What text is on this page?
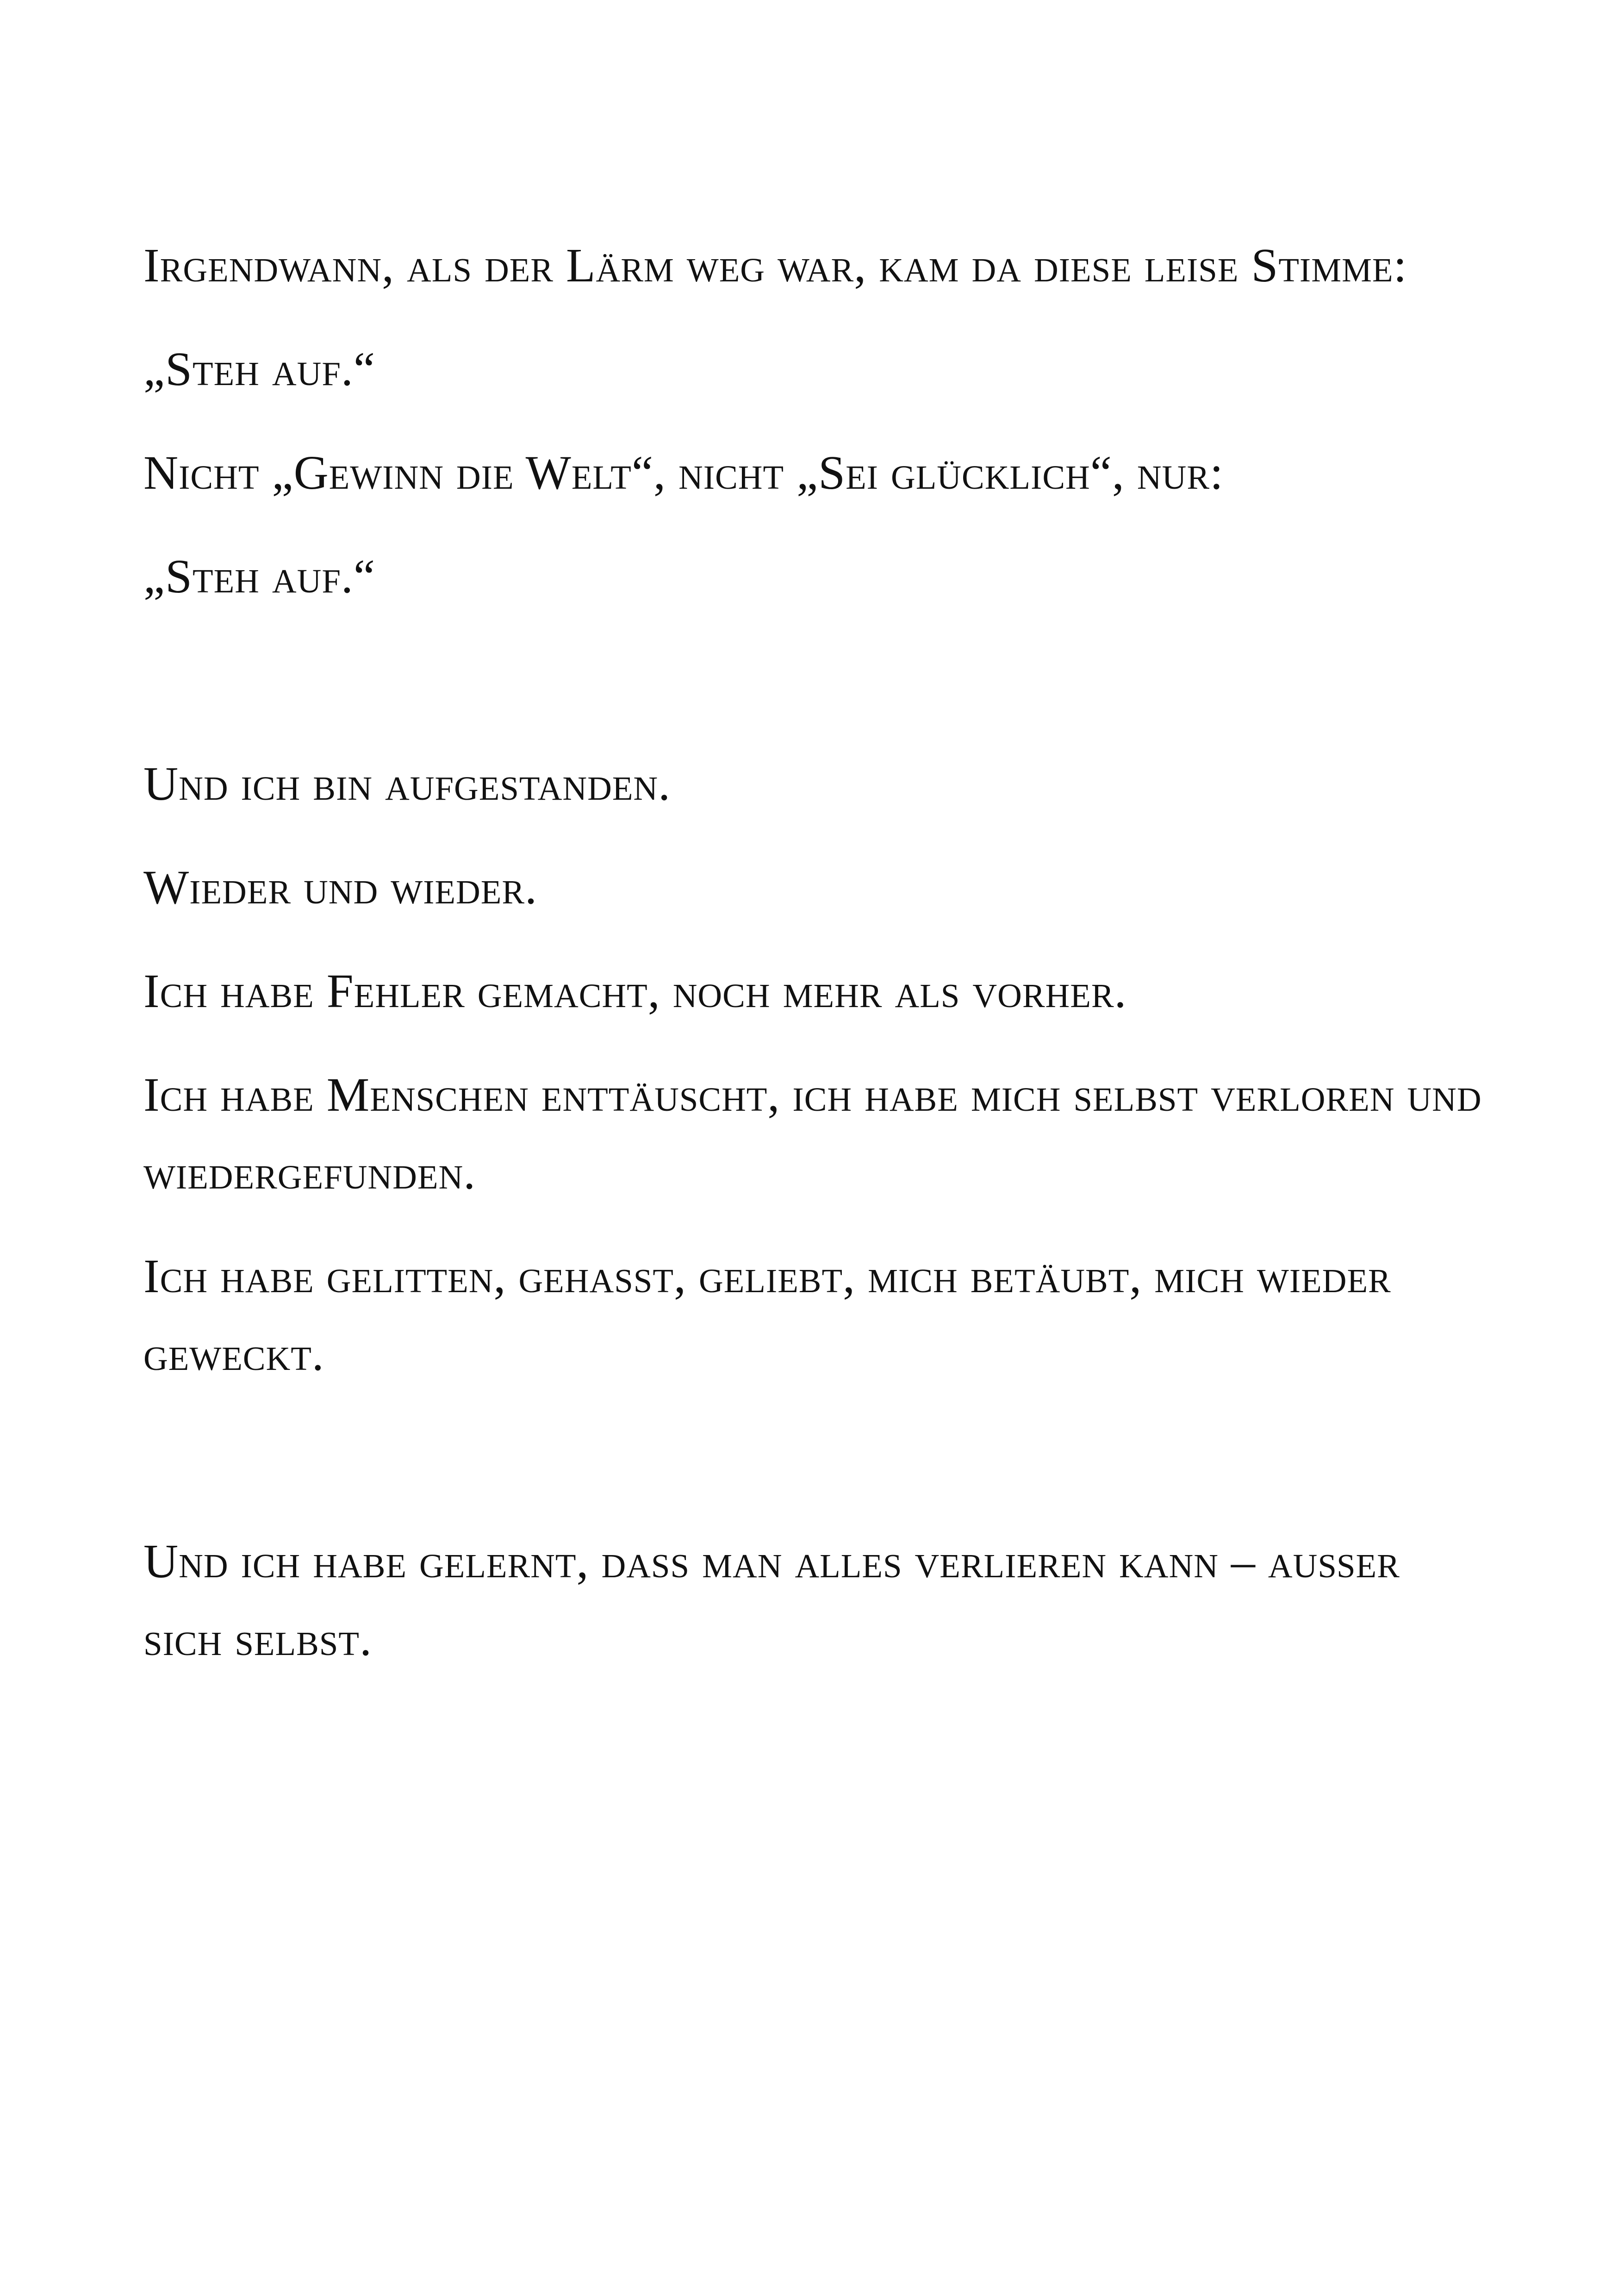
Irgendwann, als der Lärm weg war, kam da diese leise Stimme:

„Steh auf.“

Nicht „Gewinn die Welt“, nicht „Sei glücklich“, nur:

„Steh auf.“

Und ich bin aufgestanden.

Wieder und wieder.

Ich habe Fehler gemacht, noch mehr als vorher.

Ich habe Menschen enttäuscht, ich habe mich selbst verloren und wiedergefunden.

Ich habe gelitten, gehasst, geliebt, mich betäubt, mich wieder geweckt.

Und ich habe gelernt, dass man alles verlieren kann – außer sich selbst.
